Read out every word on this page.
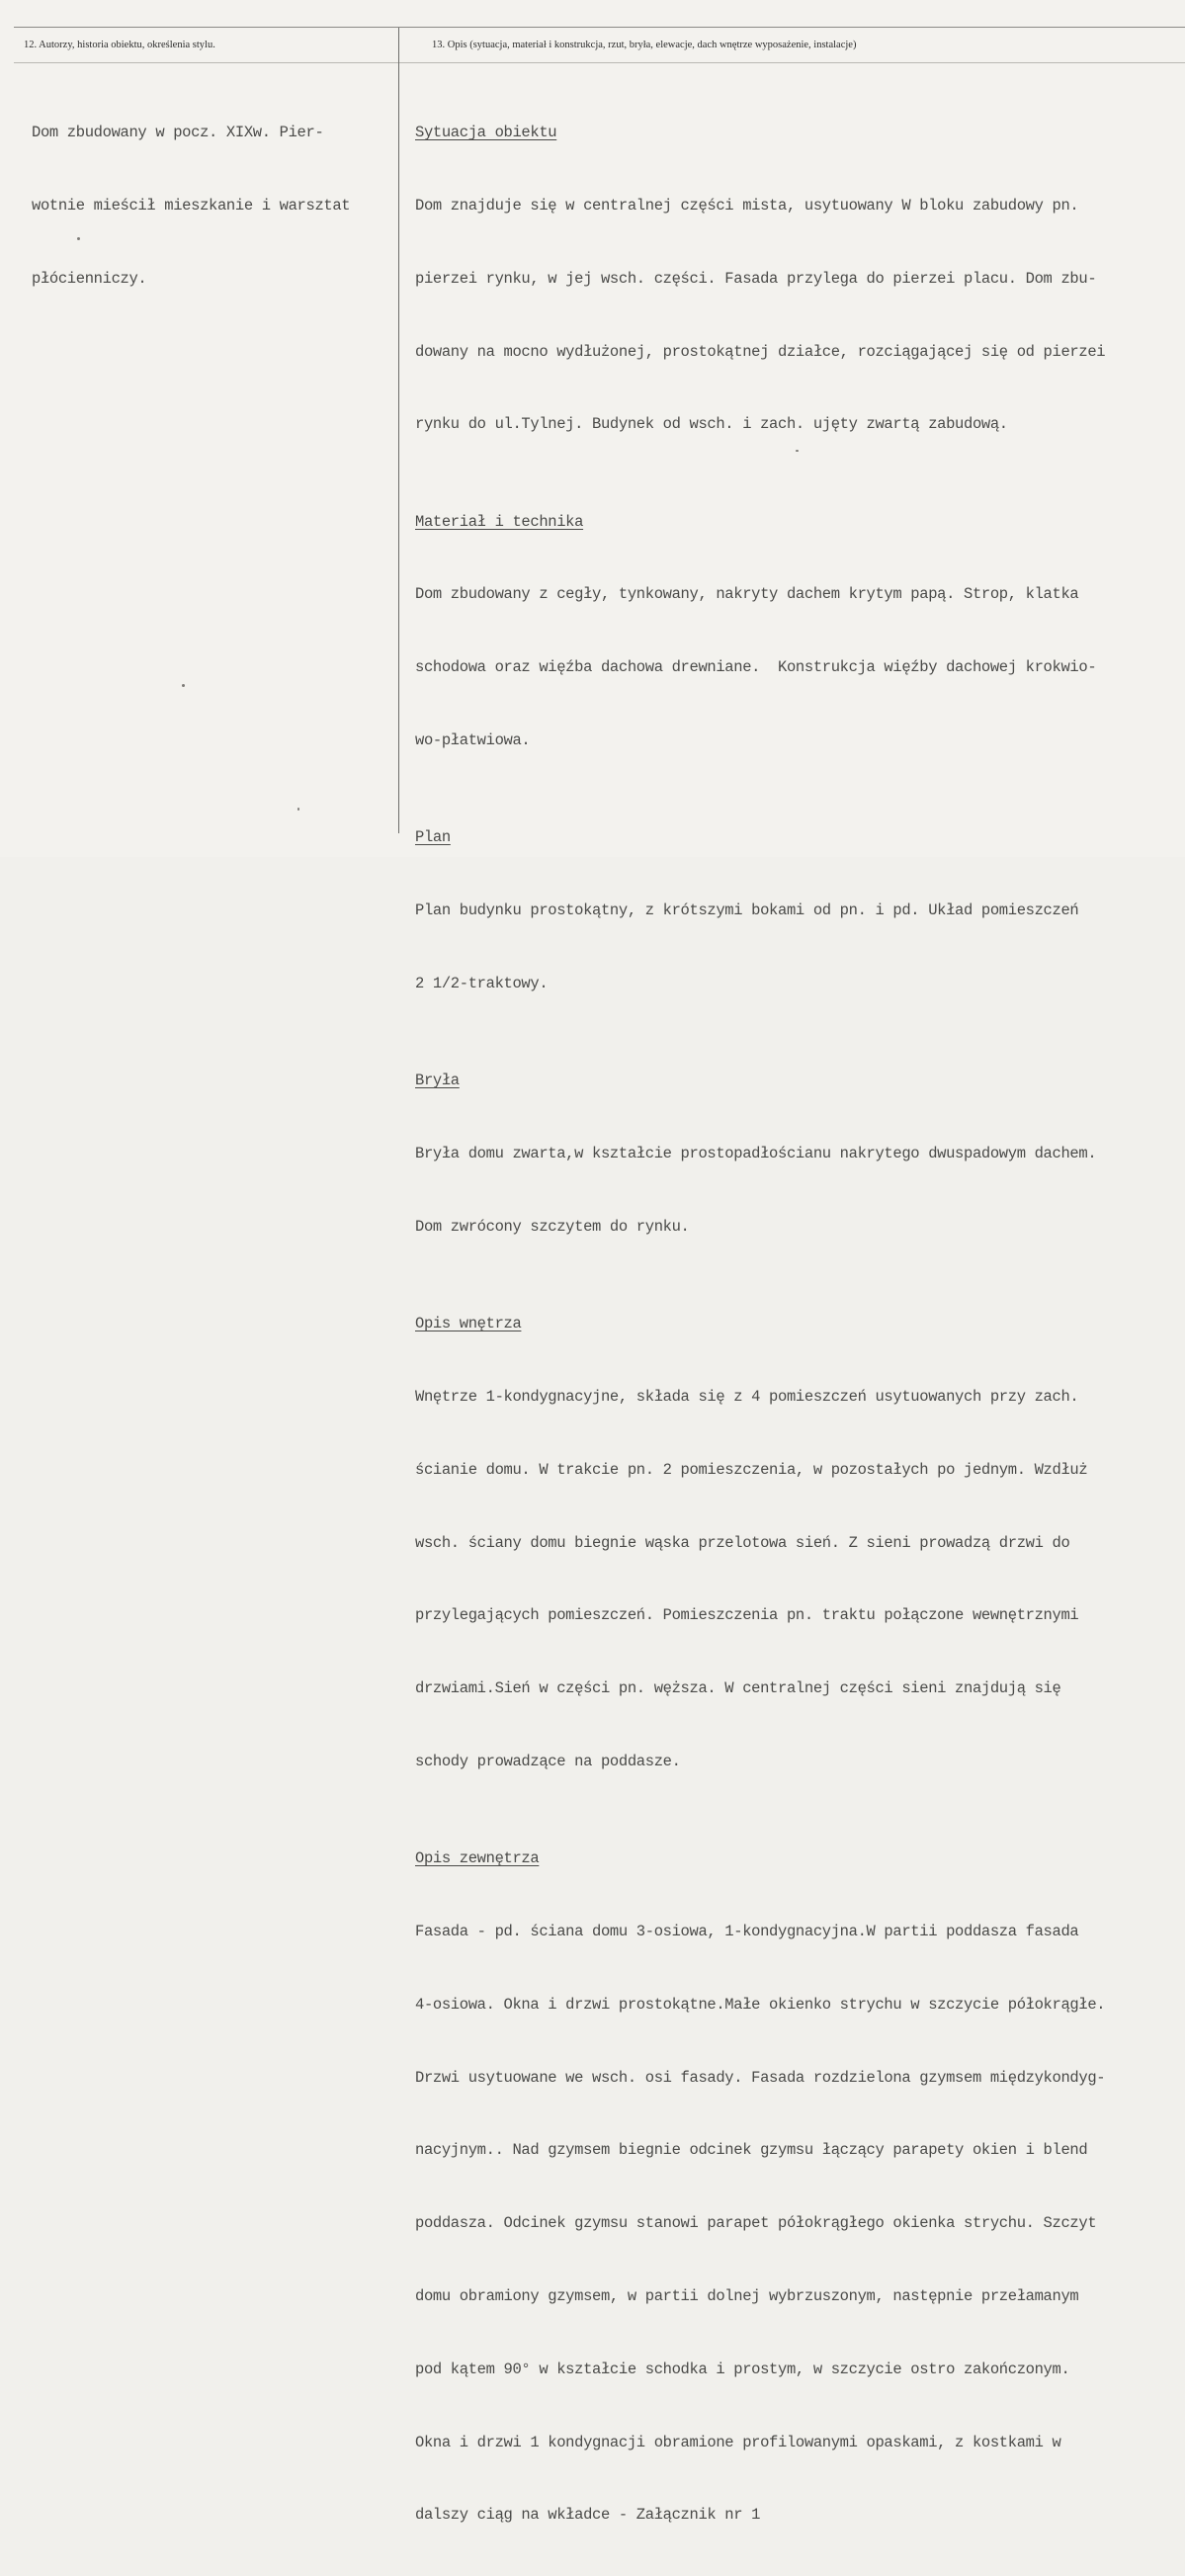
12. Autorzy, historia obiektu, określenia stylu.	13. Opis (sytuacja, materiał i konstrukcja, rzut, bryła, elewacje, dach wnętrze wyposażenie, instalacje)

Dom zbudowany w pocz. XIXw. Pier-

wotnie mieścił mieszkanie i warsztat

płócienniczy.

Sytuacja obiektu

Dom znajduje się w centralnej części mista, usytuowany W bloku zabudowy pn.

pierzei rynku, w jej wsch. części. Fasada przylega do pierzei placu. Dom zbu-

dowany na mocno wydłużonej, prostokątnej działce, rozciągającej się od pierzei

rynku do ul.Tylnej. Budynek od wsch. i zach. ujęty zwartą zabudową.

Materiał i technika

Dom zbudowany z cegły, tynkowany, nakryty dachem krytym papą. Strop, klatka

schodowa oraz więźba dachowa drewniane.  Konstrukcja więźby dachowej krokwio-

wo-płatwiowa.

Plan

Plan budynku prostokątny, z krótszymi bokami od pn. i pd. Układ pomieszczeń

2 1/2-traktowy.

Bryła

Bryła domu zwarta,w kształcie prostopadłościanu nakrytego dwuspadowym dachem.

Dom zwrócony szczytem do rynku.

Opis wnętrza

Wnętrze 1-kondygnacyjne, składa się z 4 pomieszczeń usytuowanych przy zach.

ścianie domu. W trakcie pn. 2 pomieszczenia, w pozostałych po jednym. Wzdłuż

wsch. ściany domu biegnie wąska przelotowa sień. Z sieni prowadzą drzwi do

przylegających pomieszczeń. Pomieszczenia pn. traktu połączone wewnętrznymi

drzwiami.Sień w części pn. węższa. W centralnej części sieni znajdują się

schody prowadzące na poddasze.

Opis zewnętrza

Fasada - pd. ściana domu 3-osiowa, 1-kondygnacyjna.W partii poddasza fasada

4-osiowa. Okna i drzwi prostokątne.Małe okienko strychu w szczycie półokrągłe.

Drzwi usytuowane we wsch. osi fasady. Fasada rozdzielona gzymsem międzykondyg-

nacyjnym.. Nad gzymsem biegnie odcinek gzymsu łączący parapety okien i blend

poddasza. Odcinek gzymsu stanowi parapet półokrągłego okienka strychu. Szczyt

domu obramiony gzymsem, w partii dolnej wybrzuszonym, następnie przełamanym

pod kątem 90° w kształcie schodka i prostym, w szczycie ostro zakończonym.

Okna i drzwi 1 kondygnacji obramione profilowanymi opaskami, z kostkami w

dalszy ciąg na wkładce - Załącznik nr 1
